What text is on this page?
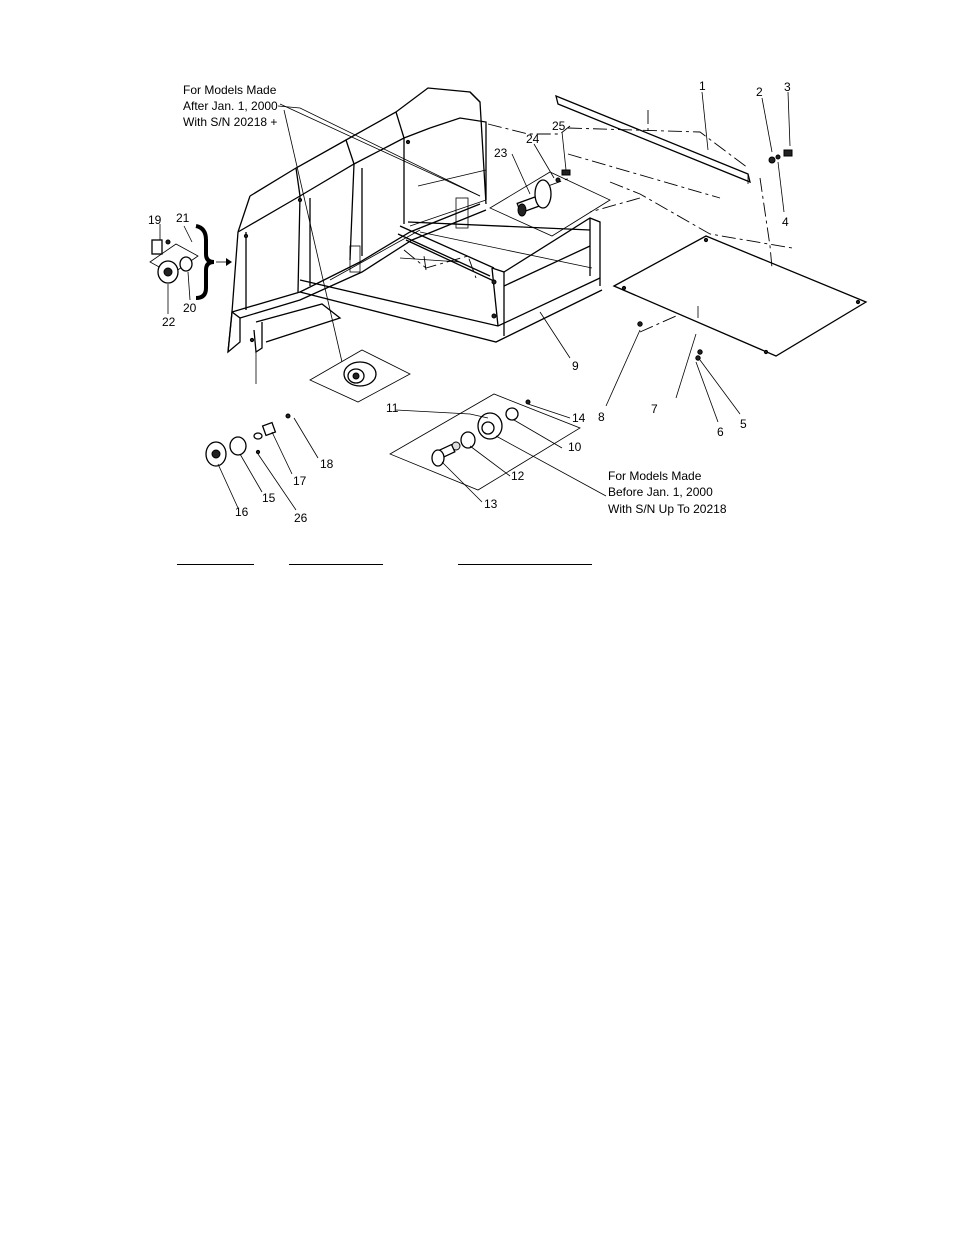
For Models Made
After Jan. 1, 2000
With S/N 20218 +
For Models Made
Before Jan. 1, 2000
With S/N Up To 20218
1	2 3
4
5
6
7
8
9
10
11
12
13
14
15
16
17
18
19 21
20
22
23
24
25
26
